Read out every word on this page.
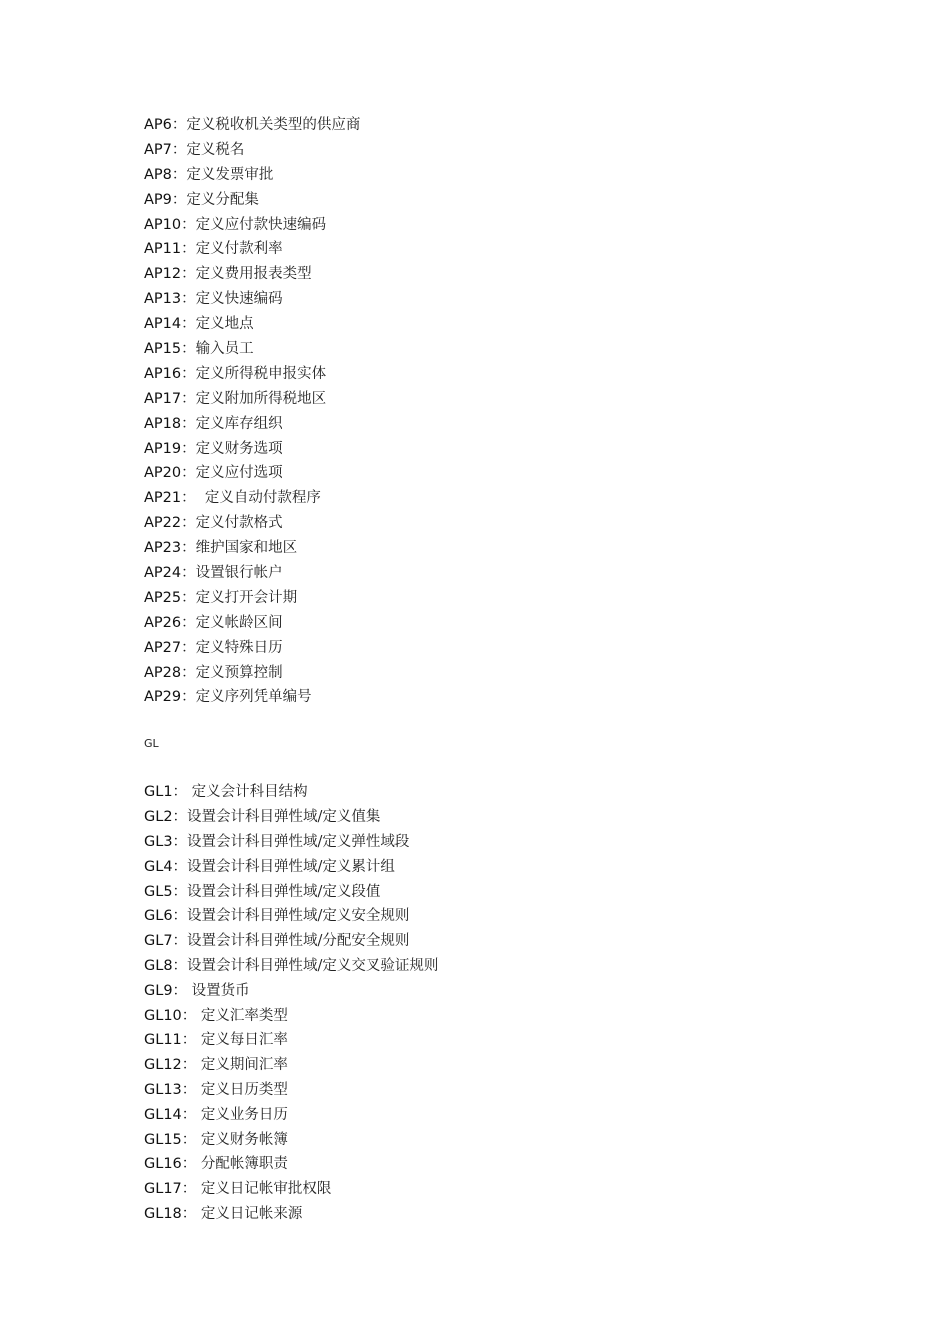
AP6：定义税收机关类型的供应商
AP7：定义税名
AP8：定义发票审批
AP9：定义分配集
AP10：定义应付款快速编码
AP11：定义付款利率
AP12：定义费用报表类型
AP13：定义快速编码
AP14：定义地点
AP15：输入员工
AP16：定义所得税申报实体
AP17：定义附加所得税地区
AP18：定义库存组织
AP19：定义财务选项
AP20：定义应付选项
AP21：  定义自动付款程序
AP22：定义付款格式
AP23：维护国家和地区
AP24：设置银行帐户
AP25：定义打开会计期
AP26：定义帐龄区间
AP27：定义特殊日历
AP28：定义预算控制
AP29：定义序列凭单编号
GL
GL1： 定义会计科目结构
GL2：设置会计科目弹性域/定义值集
GL3：设置会计科目弹性域/定义弹性域段
GL4：设置会计科目弹性域/定义累计组
GL5：设置会计科目弹性域/定义段值
GL6：设置会计科目弹性域/定义安全规则
GL7：设置会计科目弹性域/分配安全规则
GL8：设置会计科目弹性域/定义交叉验证规则
GL9： 设置货币
GL10： 定义汇率类型
GL11： 定义每日汇率
GL12： 定义期间汇率
GL13： 定义日历类型
GL14： 定义业务日历
GL15： 定义财务帐簿
GL16： 分配帐簿职责
GL17： 定义日记帐审批权限
GL18： 定义日记帐来源
